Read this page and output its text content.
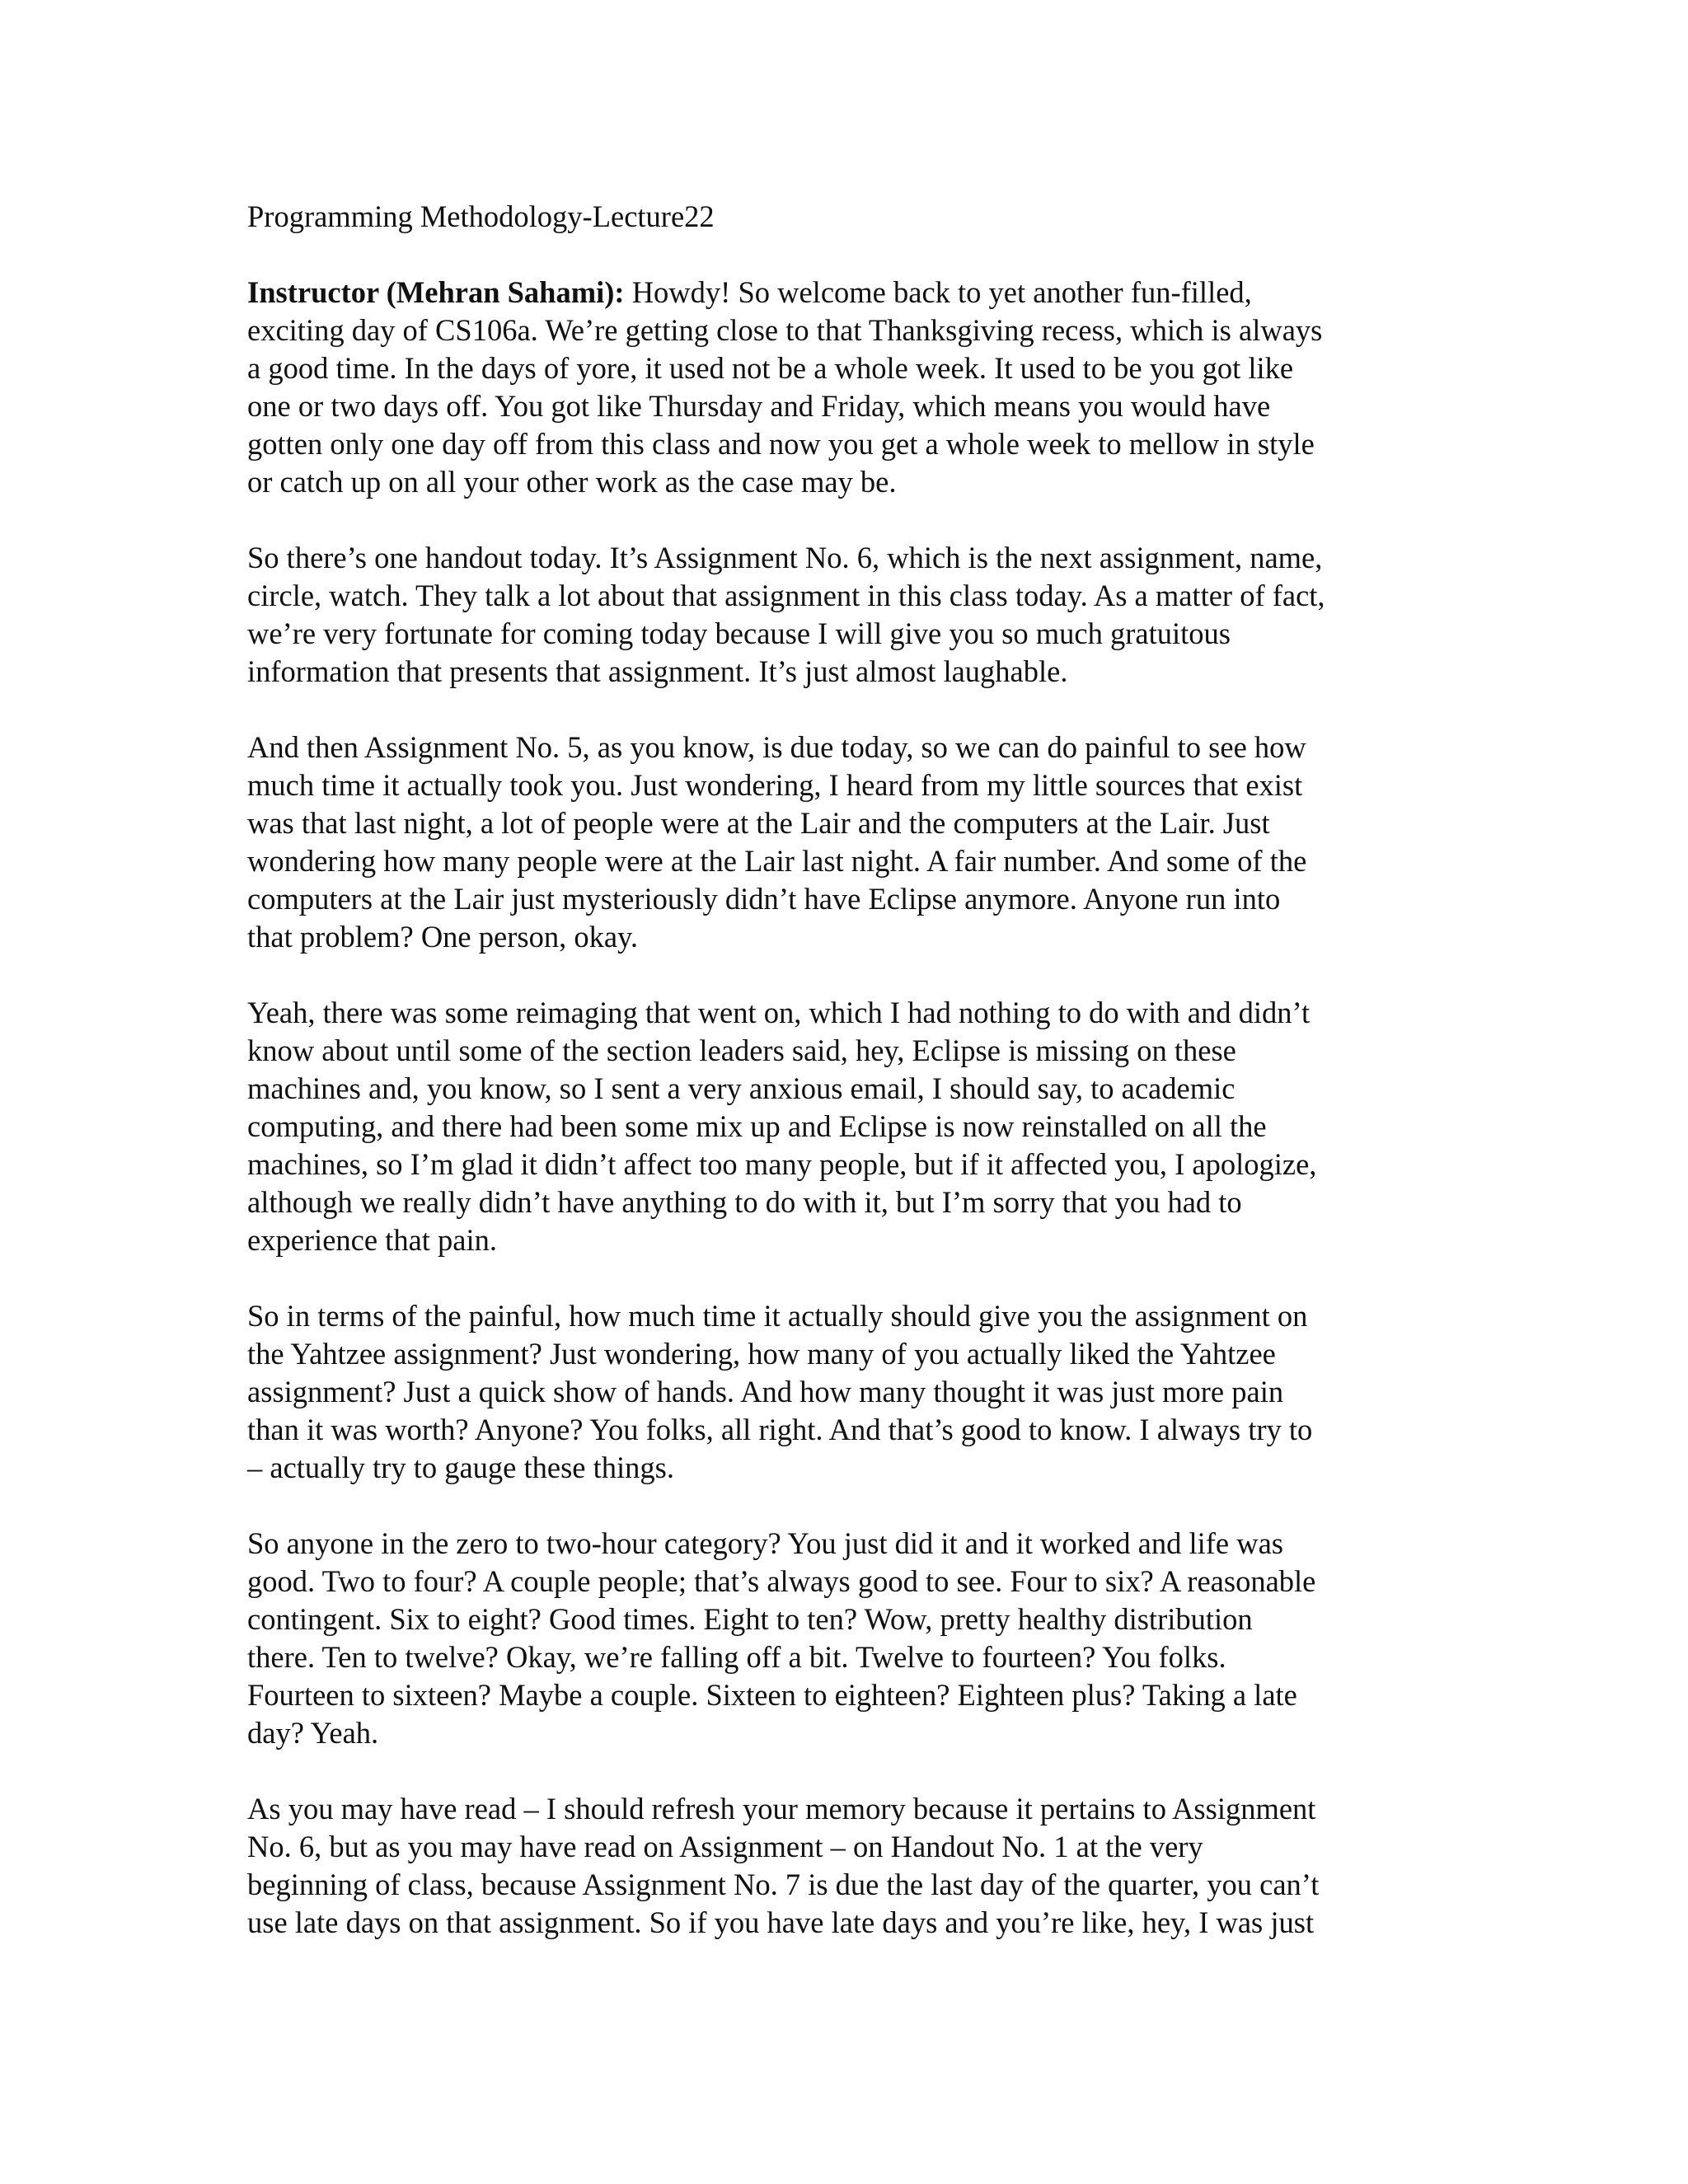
Programming Methodology-Lecture22
Instructor (Mehran Sahami): Howdy! So welcome back to yet another fun-filled,
exciting day of CS106a. We’re getting close to that Thanksgiving recess, which is always
a good time. In the days of yore, it used not be a whole week. It used to be you got like
one or two days off. You got like Thursday and Friday, which means you would have
gotten only one day off from this class and now you get a whole week to mellow in style
or catch up on all your other work as the case may be.
So there’s one handout today. It’s Assignment No. 6, which is the next assignment, name,
circle, watch. They talk a lot about that assignment in this class today. As a matter of fact,
we’re very fortunate for coming today because I will give you so much gratuitous
information that presents that assignment. It’s just almost laughable.
And then Assignment No. 5, as you know, is due today, so we can do painful to see how
much time it actually took you. Just wondering, I heard from my little sources that exist
was that last night, a lot of people were at the Lair and the computers at the Lair. Just
wondering how many people were at the Lair last night. A fair number. And some of the
computers at the Lair just mysteriously didn’t have Eclipse anymore. Anyone run into
that problem? One person, okay.
Yeah, there was some reimaging that went on, which I had nothing to do with and didn’t
know about until some of the section leaders said, hey, Eclipse is missing on these
machines and, you know, so I sent a very anxious email, I should say, to academic
computing, and there had been some mix up and Eclipse is now reinstalled on all the
machines, so I’m glad it didn’t affect too many people, but if it affected you, I apologize,
although we really didn’t have anything to do with it, but I’m sorry that you had to
experience that pain.
So in terms of the painful, how much time it actually should give you the assignment on
the Yahtzee assignment? Just wondering, how many of you actually liked the Yahtzee
assignment? Just a quick show of hands. And how many thought it was just more pain
than it was worth? Anyone? You folks, all right. And that’s good to know. I always try to
– actually try to gauge these things.
So anyone in the zero to two-hour category? You just did it and it worked and life was
good. Two to four? A couple people; that’s always good to see. Four to six? A reasonable
contingent. Six to eight? Good times. Eight to ten? Wow, pretty healthy distribution
there. Ten to twelve? Okay, we’re falling off a bit. Twelve to fourteen? You folks.
Fourteen to sixteen? Maybe a couple. Sixteen to eighteen? Eighteen plus? Taking a late
day? Yeah.
As you may have read – I should refresh your memory because it pertains to Assignment
No. 6, but as you may have read on Assignment – on Handout No. 1 at the very
beginning of class, because Assignment No. 7 is due the last day of the quarter, you can’t
use late days on that assignment. So if you have late days and you’re like, hey, I was just
